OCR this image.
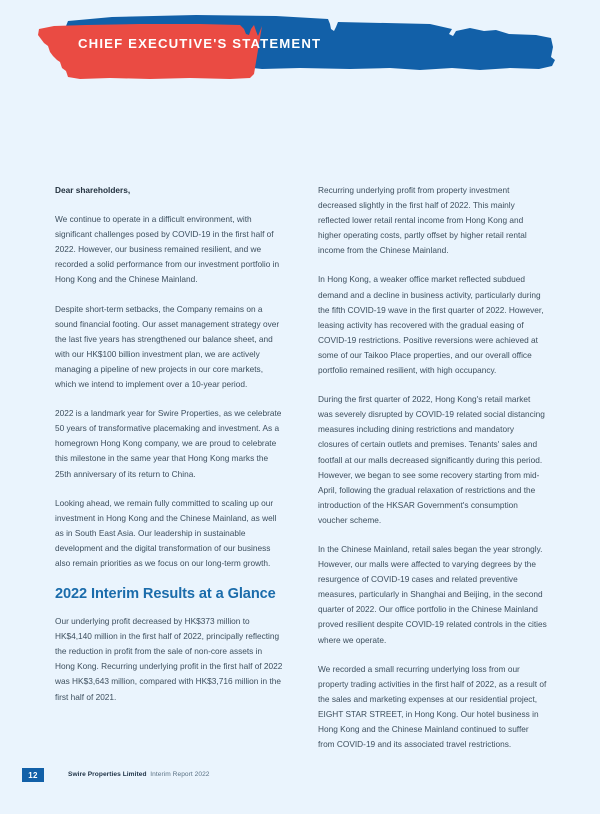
CHIEF EXECUTIVE'S STATEMENT

Dear shareholders,

We continue to operate in a difficult environment, with significant challenges posed by COVID-19 in the first half of 2022. However, our business remained resilient, and we recorded a solid performance from our investment portfolio in Hong Kong and the Chinese Mainland.

Despite short-term setbacks, the Company remains on a sound financial footing. Our asset management strategy over the last five years has strengthened our balance sheet, and with our HK$100 billion investment plan, we are actively managing a pipeline of new projects in our core markets, which we intend to implement over a 10-year period.

2022 is a landmark year for Swire Properties, as we celebrate 50 years of transformative placemaking and investment. As a homegrown Hong Kong company, we are proud to celebrate this milestone in the same year that Hong Kong marks the 25th anniversary of its return to China.

Looking ahead, we remain fully committed to scaling up our investment in Hong Kong and the Chinese Mainland, as well as in South East Asia. Our leadership in sustainable development and the digital transformation of our business also remain priorities as we focus on our long-term growth.

2022 Interim Results at a Glance

Our underlying profit decreased by HK$373 million to HK$4,140 million in the first half of 2022, principally reflecting the reduction in profit from the sale of non-core assets in Hong Kong. Recurring underlying profit in the first half of 2022 was HK$3,643 million, compared with HK$3,716 million in the first half of 2021.

Recurring underlying profit from property investment decreased slightly in the first half of 2022. This mainly reflected lower retail rental income from Hong Kong and higher operating costs, partly offset by higher retail rental income from the Chinese Mainland.

In Hong Kong, a weaker office market reflected subdued demand and a decline in business activity, particularly during the fifth COVID-19 wave in the first quarter of 2022. However, leasing activity has recovered with the gradual easing of COVID-19 restrictions. Positive reversions were achieved at some of our Taikoo Place properties, and our overall office portfolio remained resilient, with high occupancy.

During the first quarter of 2022, Hong Kong's retail market was severely disrupted by COVID-19 related social distancing measures including dining restrictions and mandatory closures of certain outlets and premises. Tenants' sales and footfall at our malls decreased significantly during this period. However, we began to see some recovery starting from mid-April, following the gradual relaxation of restrictions and the introduction of the HKSAR Government's consumption voucher scheme.

In the Chinese Mainland, retail sales began the year strongly. However, our malls were affected to varying degrees by the resurgence of COVID-19 cases and related preventive measures, particularly in Shanghai and Beijing, in the second quarter of 2022. Our office portfolio in the Chinese Mainland proved resilient despite COVID-19 related controls in the cities where we operate.

We recorded a small recurring underlying loss from our property trading activities in the first half of 2022, as a result of the sales and marketing expenses at our residential project, EIGHT STAR STREET, in Hong Kong. Our hotel business in Hong Kong and the Chinese Mainland continued to suffer from COVID-19 and its associated travel restrictions.

12	Swire Properties Limited Interim Report 2022
